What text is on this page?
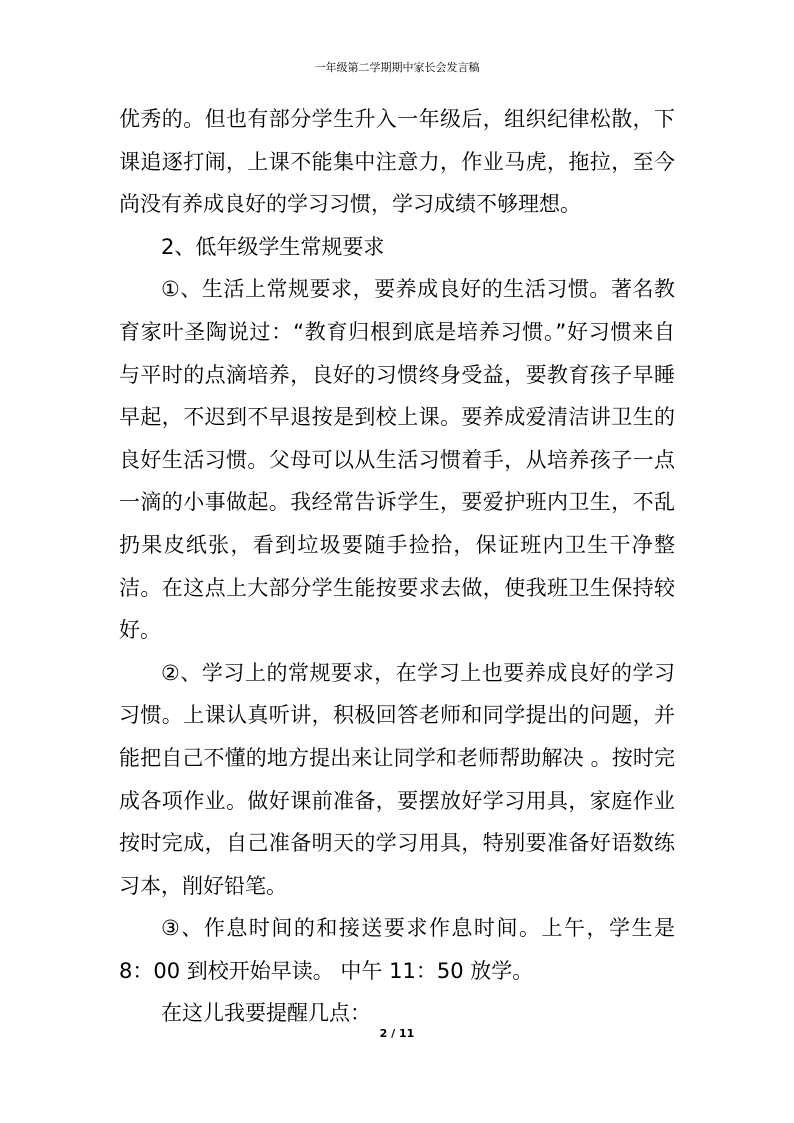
一年级第二学期期中家长会发言稿

优秀的。但也有部分学生升入一年级后，组织纪律松散，下课追逐打闹，上课不能集中注意力，作业马虎，拖拉，至今尚没有养成良好的学习习惯，学习成绩不够理想。

2、低年级学生常规要求

①、生活上常规要求，要养成良好的生活习惯。著名教育家叶圣陶说过：“教育归根到底是培养习惯。”好习惯来自与平时的点滴培养，良好的习惯终身受益，要教育孩子早睡早起，不迟到不早退按是到校上课。要养成爱清洁讲卫生的良好生活习惯。父母可以从生活习惯着手，从培养孩子一点一滴的小事做起。我经常告诉学生，要爱护班内卫生，不乱扔果皮纸张，看到垃圾要随手捡拾，保证班内卫生干净整洁。在这点上大部分学生能按要求去做，使我班卫生保持较好。

②、学习上的常规要求，在学习上也要养成良好的学习习惯。上课认真听讲，积极回答老师和同学提出的问题，并能把自己不懂的地方提出来让同学和老师帮助解决 。按时完成各项作业。做好课前准备，要摆放好学习用具，家庭作业按时完成，自己准备明天的学习用具，特别要准备好语数练习本，削好铅笔。

③、作息时间的和接送要求作息时间。上午，学生是 8：00 到校开始早读。 中午 11：50 放学。

在这儿我要提醒几点：

2 / 11
